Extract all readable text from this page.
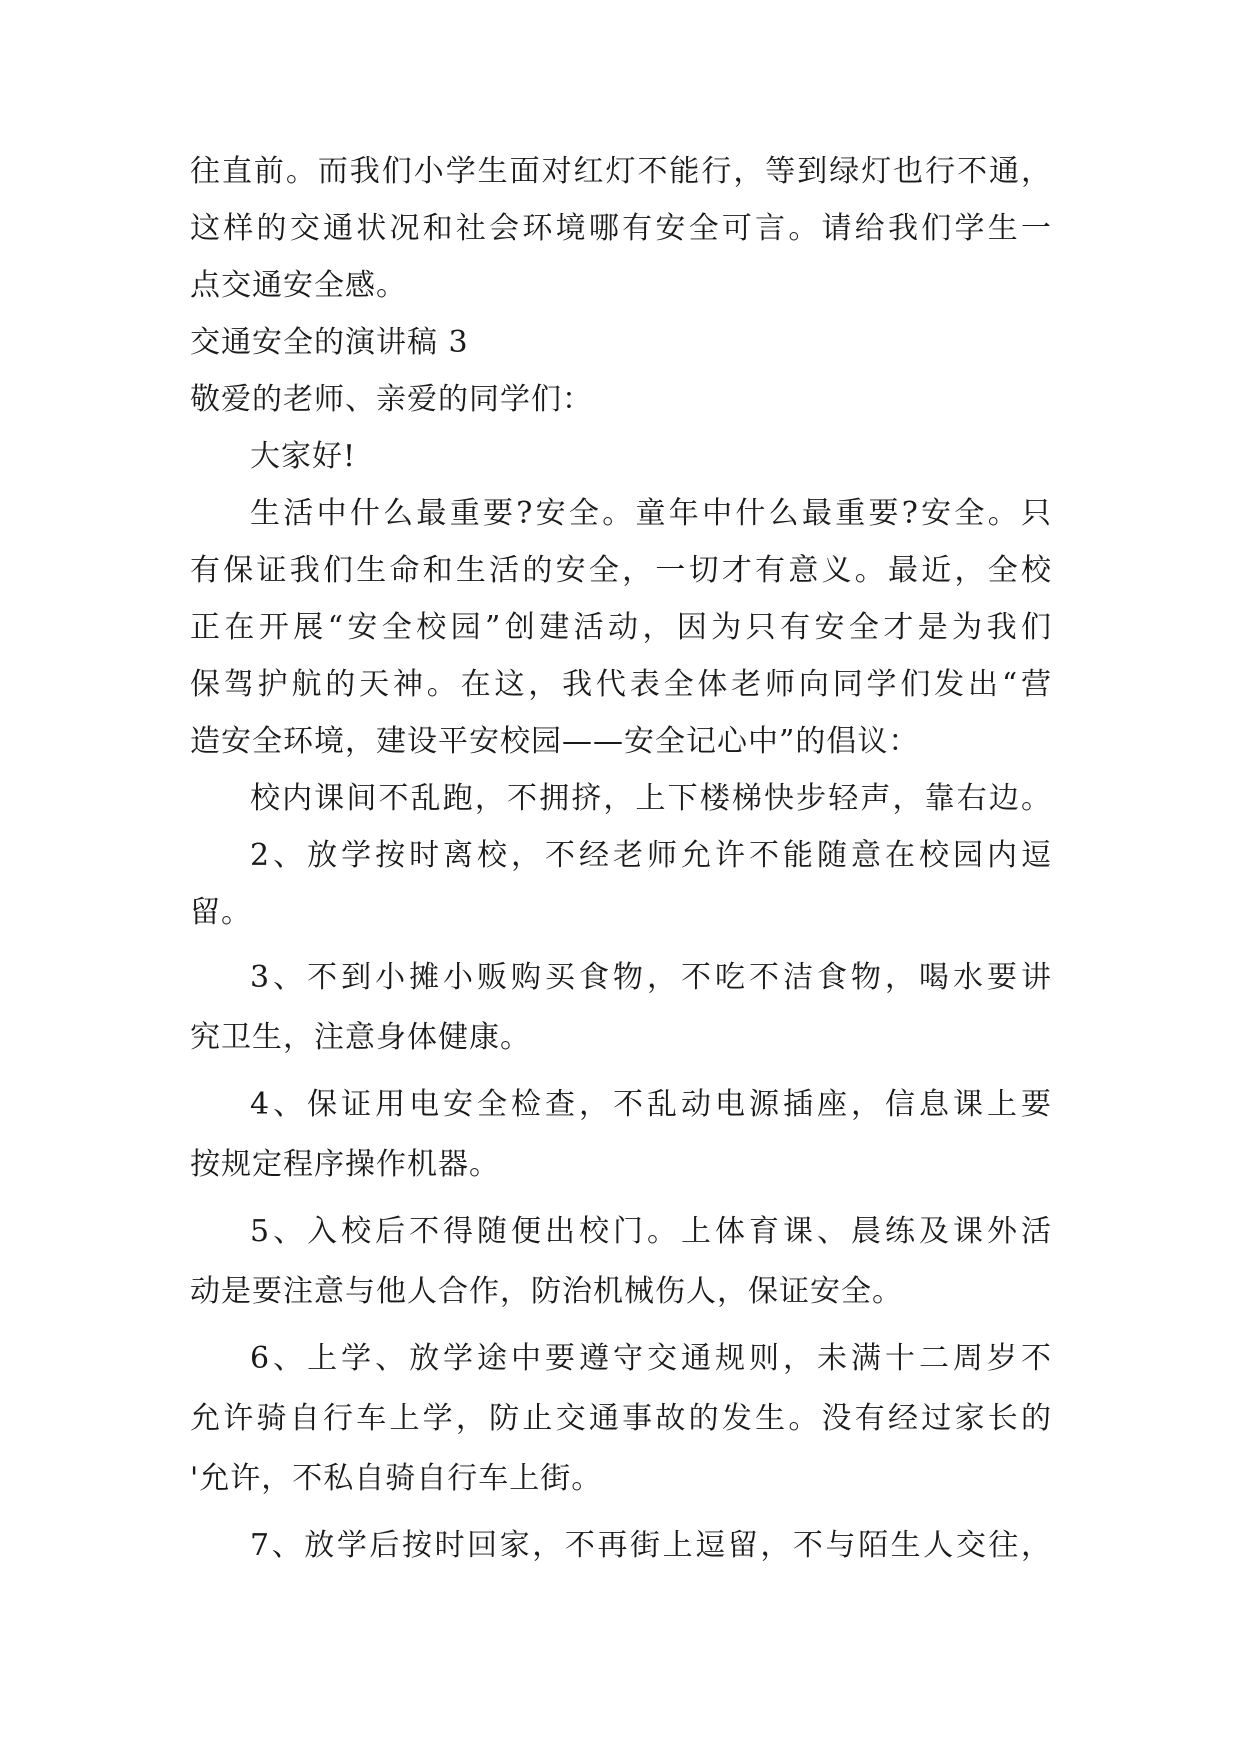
往直前。而我们小学生面对红灯不能行，等到绿灯也行不通，
这样的交通状况和社会环境哪有安全可言。请给我们学生一
点交通安全感。
交通安全的演讲稿 3
敬爱的老师、亲爱的同学们：
大家好!
生活中什么最重要?安全。童年中什么最重要?安全。只
有保证我们生命和生活的安全，一切才有意义。最近，全校
正在开展“安全校园”创建活动，因为只有安全才是为我们
保驾护航的天神。在这，我代表全体老师向同学们发出“营
造安全环境，建设平安校园——安全记心中”的倡议：
校内课间不乱跑，不拥挤，上下楼梯快步轻声，靠右边。
2、放学按时离校，不经老师允许不能随意在校园内逗
留。
3、不到小摊小贩购买食物，不吃不洁食物，喝水要讲
究卫生，注意身体健康。
4、保证用电安全检查，不乱动电源插座，信息课上要
按规定程序操作机器。
5、入校后不得随便出校门。上体育课、晨练及课外活
动是要注意与他人合作，防治机械伤人，保证安全。
6、上学、放学途中要遵守交通规则，未满十二周岁不
允许骑自行车上学，防止交通事故的发生。没有经过家长的
'允许，不私自骑自行车上街。
7、放学后按时回家，不再街上逗留，不与陌生人交往，
